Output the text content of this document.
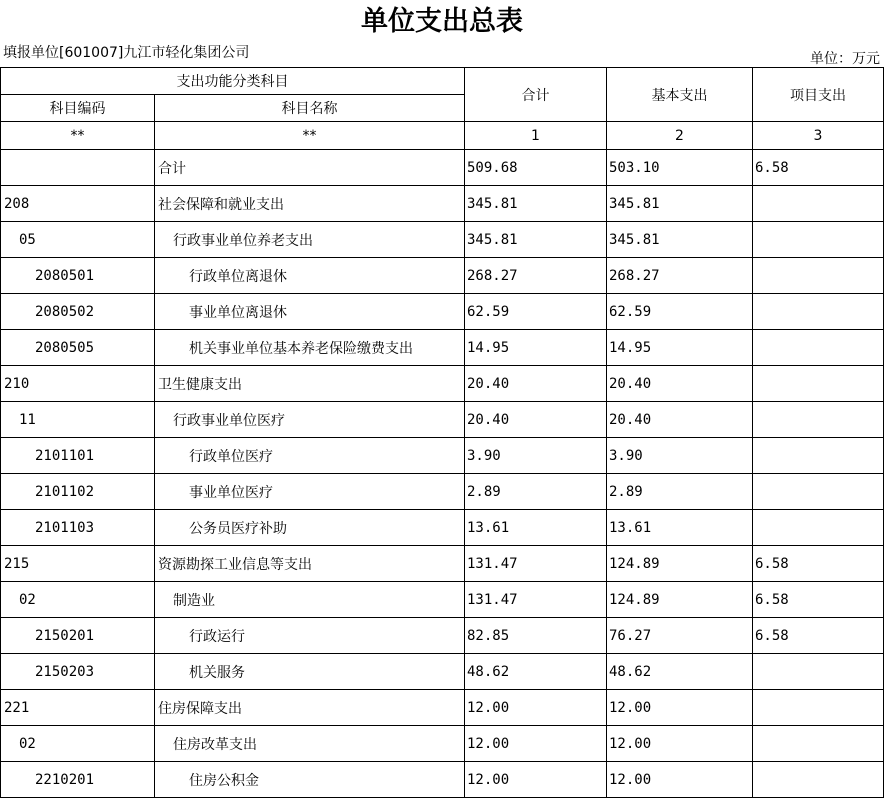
单位支出总表
填报单位[601007]九江市轻化集团公司	单位：万元
支出功能分类科目		合计	基本支出	项目支出
科目编码	科目名称			
**	**	1	2	3
	合计	509.68	503.10	6.58
208	社会保障和就业支出	345.81	345.81	
05	行政事业单位养老支出	345.81	345.81	
2080501	行政单位离退休	268.27	268.27	
2080502	事业单位离退休	62.59	62.59	
2080505	机关事业单位基本养老保险缴费支出	14.95	14.95	
210	卫生健康支出	20.40	20.40	
11	行政事业单位医疗	20.40	20.40	
2101101	行政单位医疗	3.90	3.90	
2101102	事业单位医疗	2.89	2.89	
2101103	公务员医疗补助	13.61	13.61	
215	资源勘探工业信息等支出	131.47	124.89	6.58
02	制造业	131.47	124.89	6.58
2150201	行政运行	82.85	76.27	6.58
2150203	机关服务	48.62	48.62	
221	住房保障支出	12.00	12.00	
02	住房改革支出	12.00	12.00	
2210201	住房公积金	12.00	12.00	
